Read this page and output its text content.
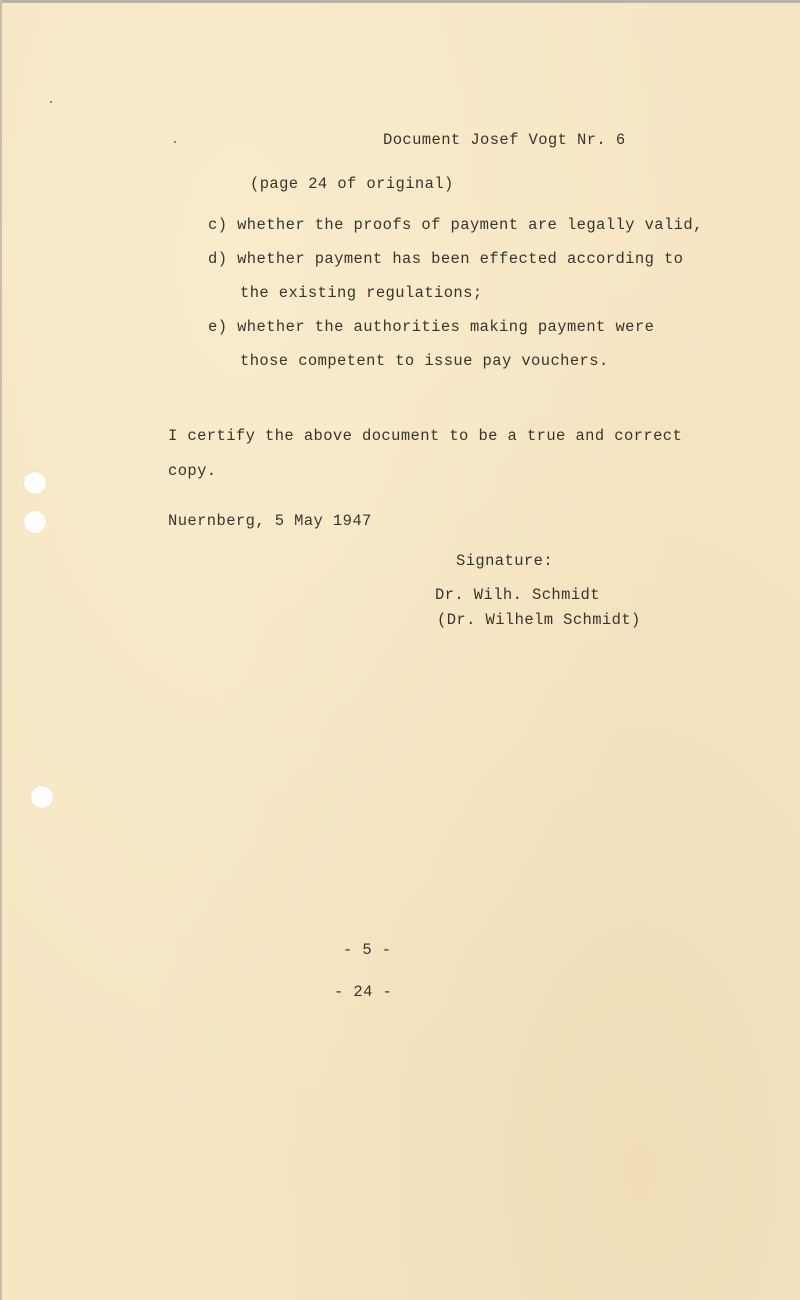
Document Josef Vogt Nr. 6
(page 24 of original)
c) whether the proofs of payment are legally valid,
d) whether payment has been effected according to
the existing regulations;
e) whether the authorities making payment were
those competent to issue pay vouchers.
I certify the above document to be a true and correct
copy.
Nuernberg, 5 May 1947
Signature:
Dr. Wilh. Schmidt
(Dr. Wilhelm Schmidt)
- 5 -
- 24 -
